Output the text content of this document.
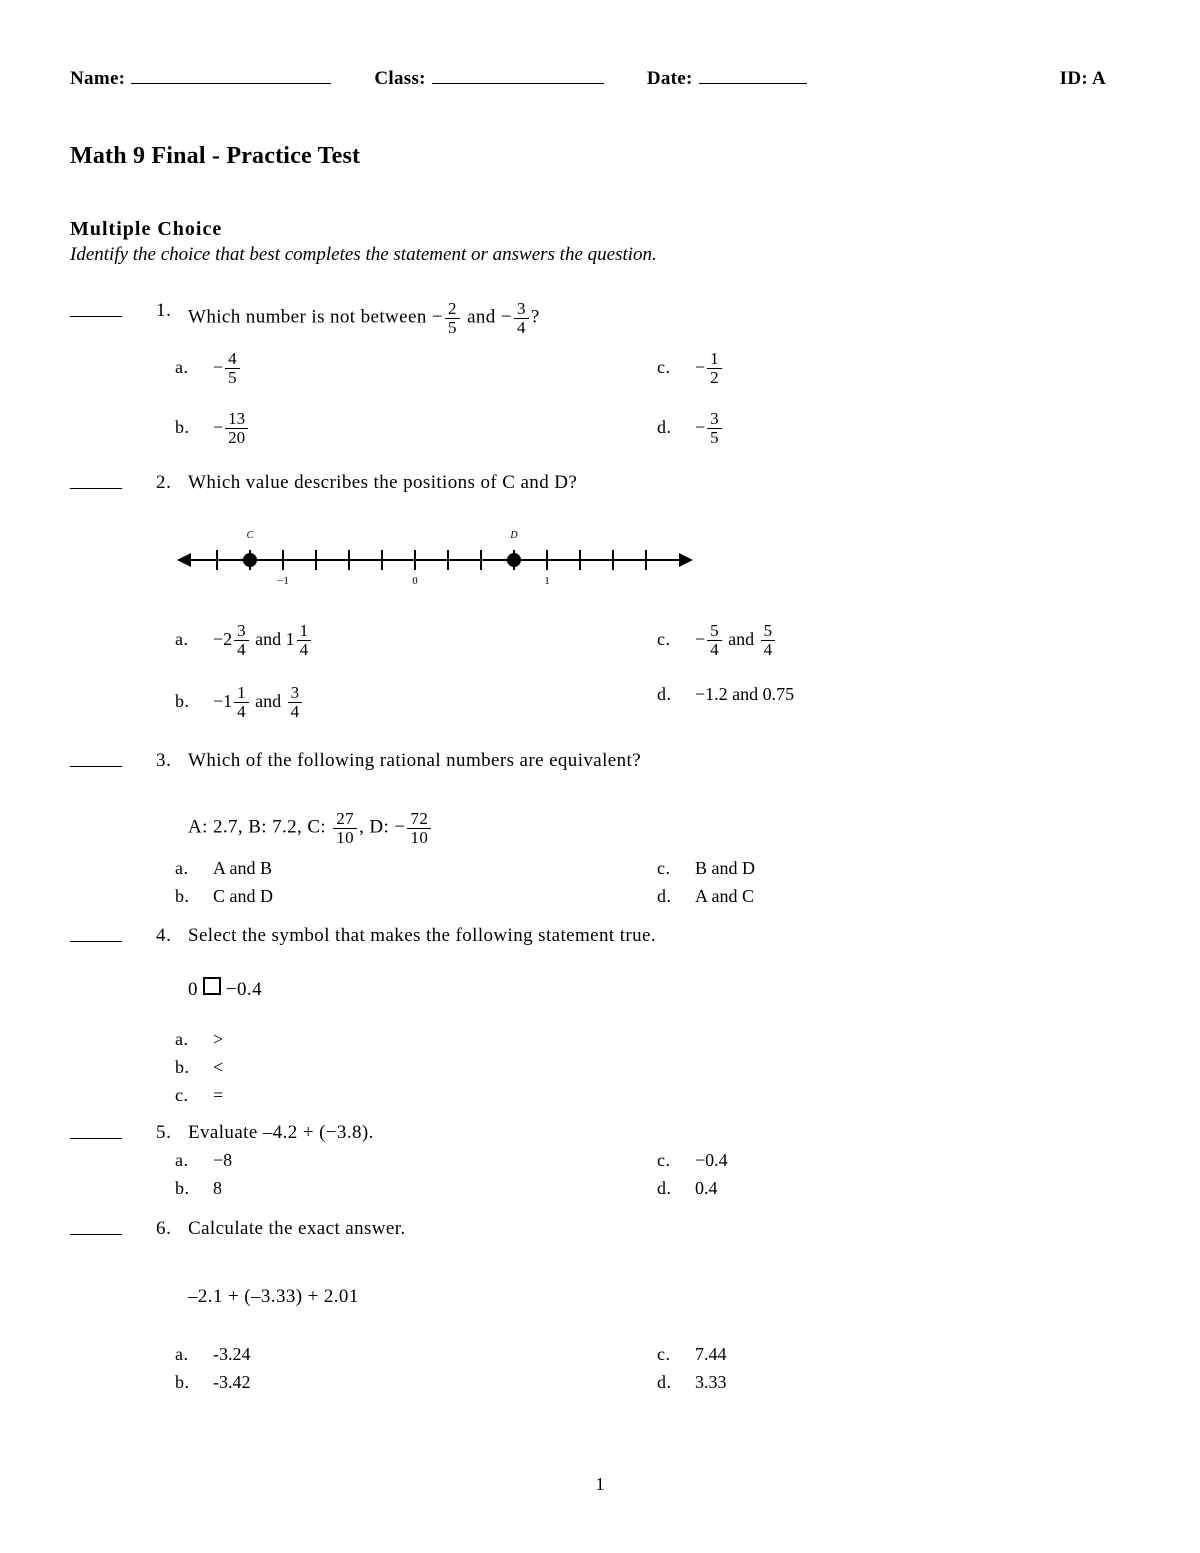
Name:	Class:	Date:	ID: A
Math 9 Final - Practice Test
Multiple Choice
Identify the choice that best completes the statement or answers the question.
1. Which number is not between − $\frac{2}{5}$ and − $\frac{3}{4}$ ?
a. − $\frac{4}{5}$
b. − $\frac{13}{20}$
c. − $\frac{1}{2}$
d. − $\frac{3}{5}$
2. Which value describes the positions of C and D?
C	D
−1	0	1
a. $-2 \frac{3}{4}$ and $1 \frac{1}{4}$
b. $-1 \frac{1}{4}$ and $\frac{3}{4}$
c. − $\frac{5}{4}$ and $\frac{5}{4}$
d. −1.2 and 0.75
3. Which of the following rational numbers are equivalent?
A: 2.7, B: 7.2, C: $\frac{27}{10}$ , D: − $\frac{72}{10}$
a. A and B
b. C and D
c. B and D
d. A and C
4. Select the symbol that makes the following statement true.
0 −0.4
a. >
b. <
c. =
5. Evaluate –4.2 + (−3.8).
a. −8
b. 8
c. −0.4
d. 0.4
6. Calculate the exact answer.
–2.1 + (–3.33) + 2.01
a. -3.24
b. -3.42
c. 7.44
d. 3.33
1
